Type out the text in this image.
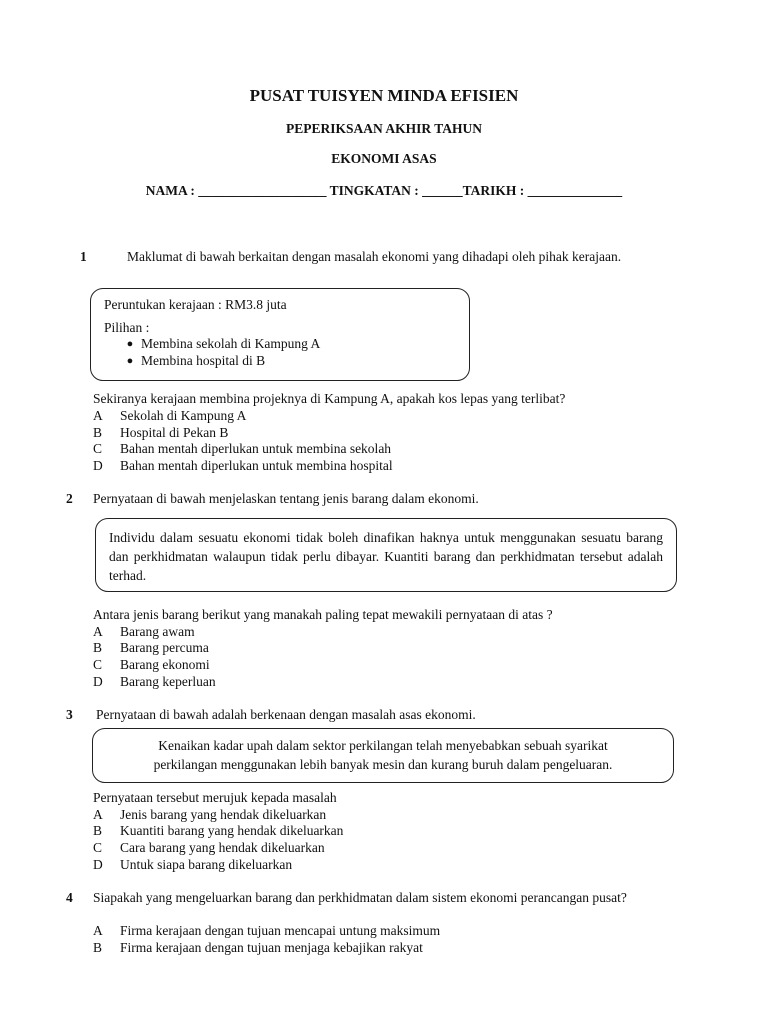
PUSAT TUISYEN MINDA EFISIEN
PEPERIKSAAN AKHIR TAHUN
EKONOMI ASAS
NAMA : ___________________ TINGKATAN : ______TARIKH : ______________
1	Maklumat di bawah berkaitan dengan masalah ekonomi yang dihadapi oleh pihak kerajaan.
Peruntukan kerajaan : RM3.8 juta
Pilihan :
● Membina sekolah di Kampung A
● Membina hospital di B
Sekiranya kerajaan membina projeknya di Kampung A, apakah kos lepas yang terlibat?
A Sekolah di Kampung A
B Hospital di Pekan B
C Bahan mentah diperlukan untuk membina sekolah
D Bahan mentah diperlukan untuk membina hospital
2 Pernyataan di bawah menjelaskan tentang jenis barang dalam ekonomi.
Individu dalam sesuatu ekonomi tidak boleh dinafikan haknya untuk menggunakan sesuatu barang dan perkhidmatan walaupun tidak perlu dibayar. Kuantiti barang dan perkhidmatan tersebut adalah terhad.
Antara jenis barang berikut yang manakah paling tepat mewakili pernyataan di atas ?
A Barang awam
B Barang percuma
C Barang ekonomi
D Barang keperluan
3 Pernyataan di bawah adalah berkenaan dengan masalah asas ekonomi.
Kenaikan kadar upah dalam sektor perkilangan telah menyebabkan sebuah syarikat
perkilangan menggunakan lebih banyak mesin dan kurang buruh dalam pengeluaran.
Pernyataan tersebut merujuk kepada masalah
A Jenis barang yang hendak dikeluarkan
B Kuantiti barang yang hendak dikeluarkan
C Cara barang yang hendak dikeluarkan
D Untuk siapa barang dikeluarkan
4 Siapakah yang mengeluarkan barang dan perkhidmatan dalam sistem ekonomi perancangan pusat?
A Firma kerajaan dengan tujuan mencapai untung maksimum
B Firma kerajaan dengan tujuan menjaga kebajikan rakyat
